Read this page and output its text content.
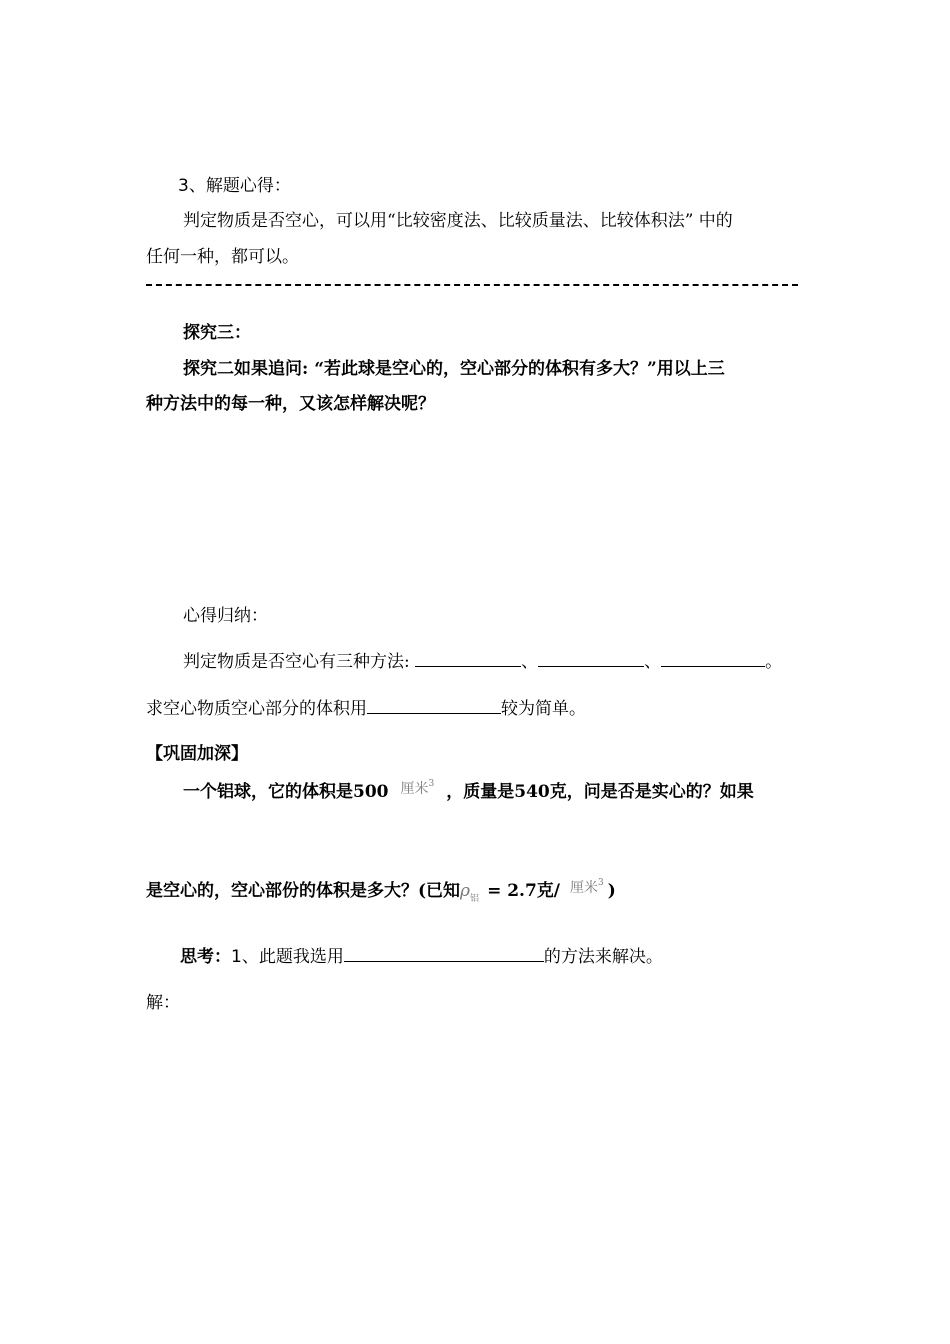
3、解题心得：
判定物质是否空心，可以用“比较密度法、比较质量法、比较体积法” 中的
任何一种，都可以。
探究三：
探究二如果追问: “若此球是空心的，空心部分的体积有多大？”用以上三
种方法中的每一种，又该怎样解决呢？
心得归纳：
判定物质是否空心有三种方法:	、	、	。
求空心物质空心部分的体积用	较为简单。
【巩固加深】
一个铝球，它的体积是500 $^{厘米^3}$ ，质量是540克，问是否是实心的？如果
是空心的，空心部份的体积是多大？(已知$\rho_铝 = 2.7$克/ $^{厘米^3}$ )
思考：1、此题我选用	的方法来解决。
解：
